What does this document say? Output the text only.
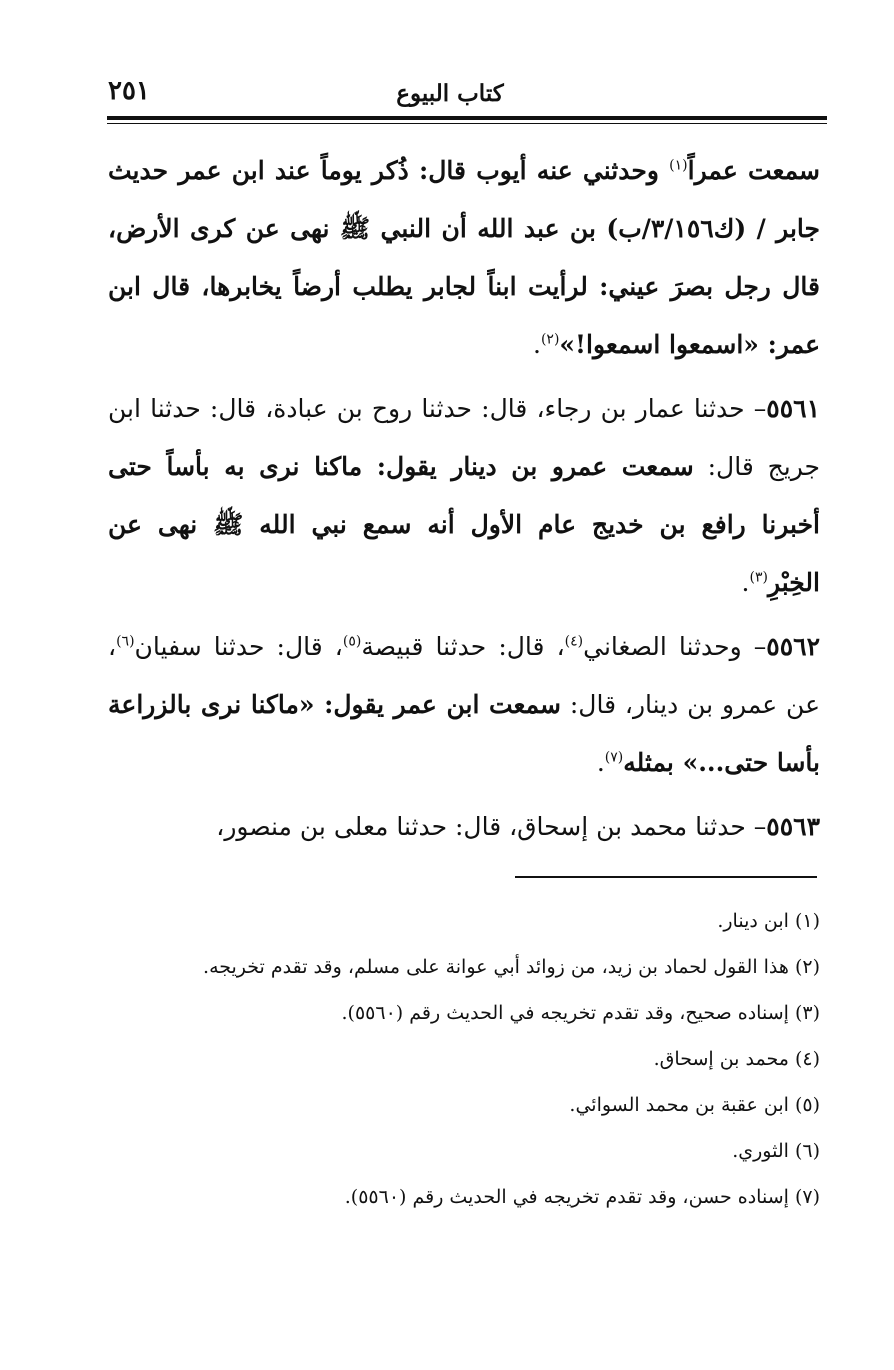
٢٥١	كتاب البيوع

سمعت عمراً$^{(١)}$ وحدثني عنه أيوب قال: ذُكر يوماً عند ابن عمر حديث جابر / (ك٣/١٥٦/ب) بن عبد الله أن النبي ﷺ نهى عن كرى الأرض، قال رجل بصرَ عيني: لرأيت ابناً لجابر يطلب أرضاً يخابرها، قال ابن عمر: «اسمعوا اسمعوا!»$^{(٢)}$.

٥٥٦١– حدثنا عمار بن رجاء، قال: حدثنا روح بن عبادة، قال: حدثنا ابن جريج قال: سمعت عمرو بن دينار يقول: ماكنا نرى به بأساً حتى أخبرنا رافع بن خديج عام الأول أنه سمع نبي الله ﷺ نهى عن الخِبْرِ$^{(٣)}$.

٥٥٦٢– وحدثنا الصغاني$^{(٤)}$، قال: حدثنا قبيصة$^{(٥)}$، قال: حدثنا سفيان$^{(٦)}$، عن عمرو بن دينار، قال: سمعت ابن عمر يقول: «ماكنا نرى بالزراعة بأسا حتى...» بمثله$^{(٧)}$.

٥٥٦٣– حدثنا محمد بن إسحاق، قال: حدثنا معلى بن منصور،

(١) ابن دينار.

(٢) هذا القول لحماد بن زيد، من زوائد أبي عوانة على مسلم، وقد تقدم تخريجه.

(٣) إسناده صحيح، وقد تقدم تخريجه في الحديث رقم (٥٥٦٠).

(٤) محمد بن إسحاق.

(٥) ابن عقبة بن محمد السوائي.

(٦) الثوري.

(٧) إسناده حسن، وقد تقدم تخريجه في الحديث رقم (٥٥٦٠).
